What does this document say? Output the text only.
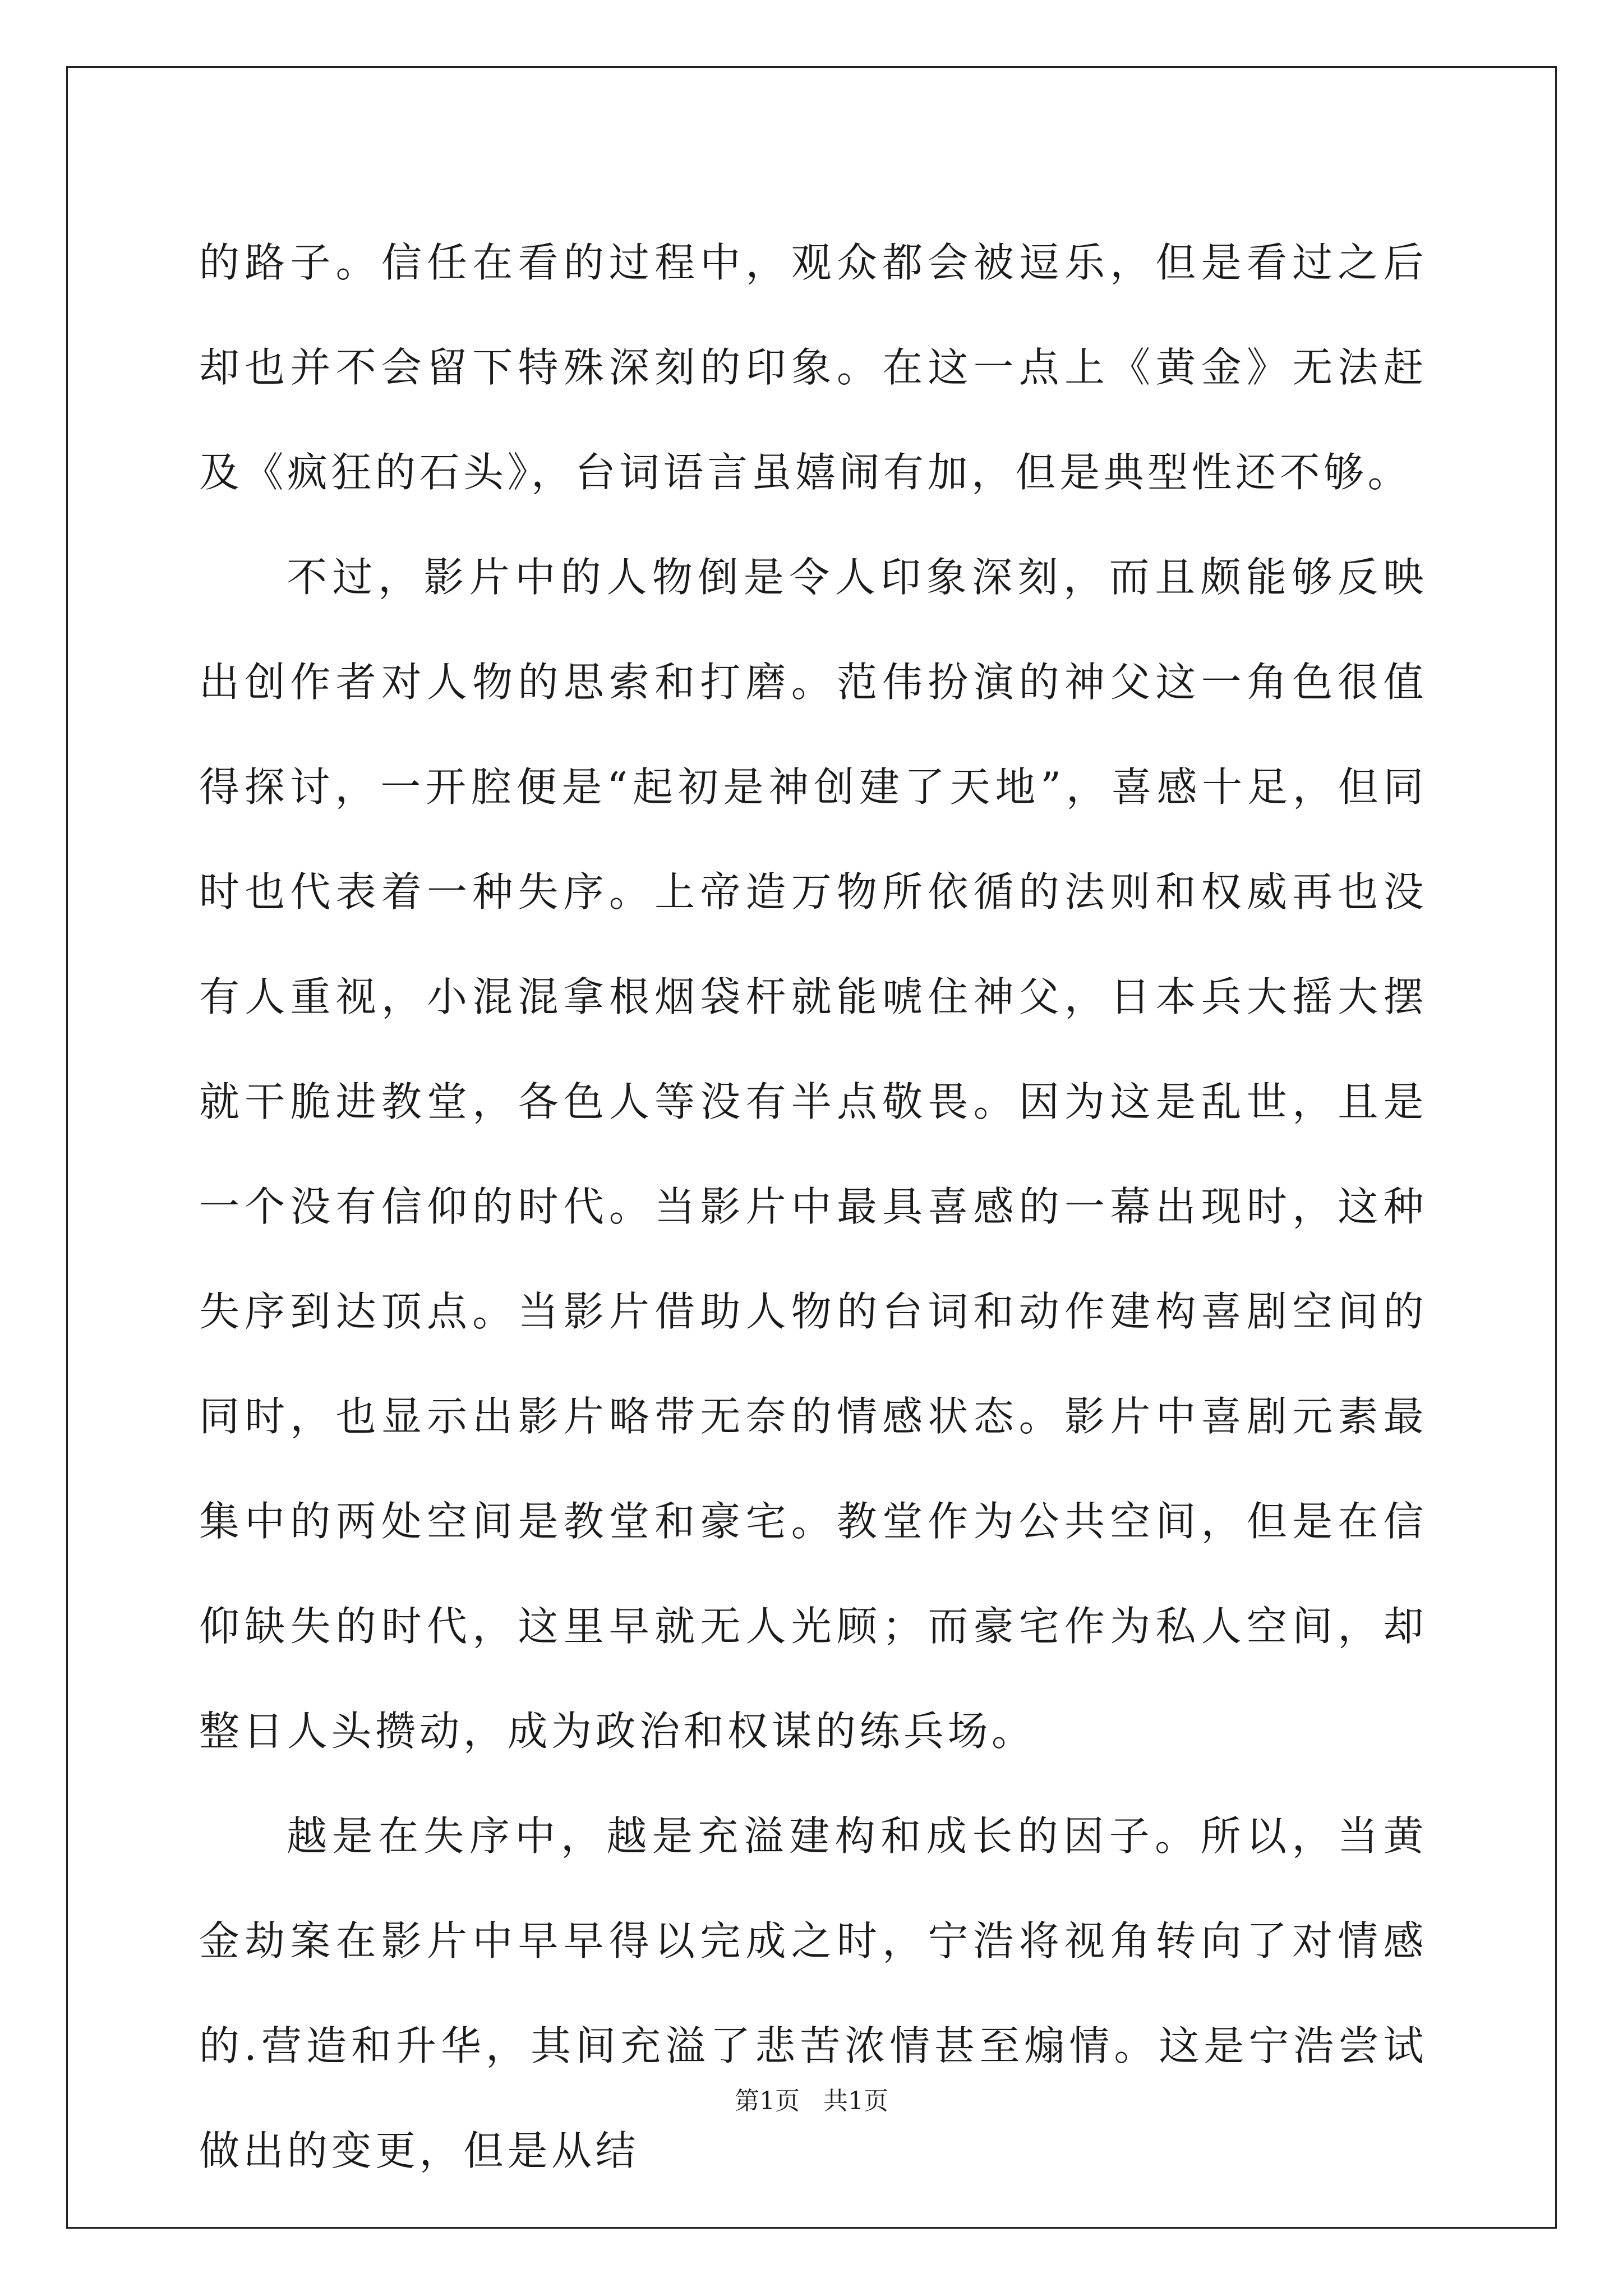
的路子。信任在看的过程中，观众都会被逗乐，但是看过之后却也并不会留下特殊深刻的印象。在这一点上《黄金》无法赶及《疯狂的石头》，台词语言虽嬉闹有加，但是典型性还不够。

不过，影片中的人物倒是令人印象深刻，而且颇能够反映出创作者对人物的思索和打磨。范伟扮演的神父这一角色很值得探讨，一开腔便是“起初是神创建了天地”，喜感十足，但同时也代表着一种失序。上帝造万物所依循的法则和权威再也没有人重视，小混混拿根烟袋杆就能唬住神父，日本兵大摇大摆就干脆进教堂，各色人等没有半点敬畏。因为这是乱世，且是一个没有信仰的时代。当影片中最具喜感的一幕出现时，这种失序到达顶点。当影片借助人物的台词和动作建构喜剧空间的同时，也显示出影片略带无奈的情感状态。影片中喜剧元素最集中的两处空间是教堂和豪宅。教堂作为公共空间，但是在信仰缺失的时代，这里早就无人光顾；而豪宅作为私人空间，却整日人头攒动，成为政治和权谋的练兵场。

越是在失序中，越是充溢建构和成长的因子。所以，当黄金劫案在影片中早早得以完成之时，宁浩将视角转向了对情感的.营造和升华，其间充溢了悲苦浓情甚至煽情。这是宁浩尝试做出的变更，但是从结

第1页 共1页
